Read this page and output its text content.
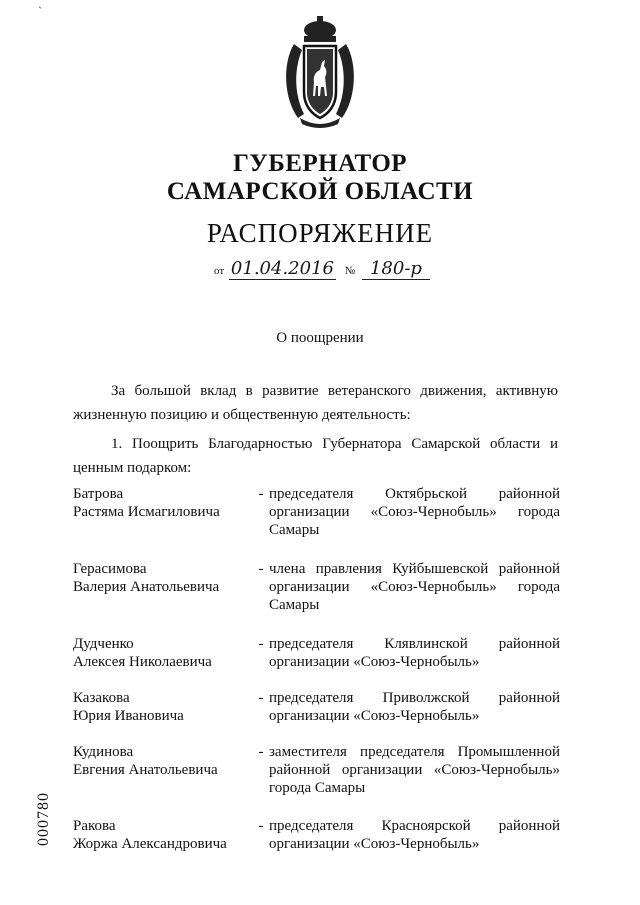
ˋ
ГУБЕРНАТОР
САМАРСКОЙ ОБЛАСТИ
РАСПОРЯЖЕНИЕ
от 01.04.2016 № 180-р
О поощрении
За большой вклад в развитие ветеранского движения, активную жизненную позицию и общественную деятельность:
1. Поощрить Благодарностью Губернатора Самарской области и ценным подарком:
Батрова
Растяма Исмагиловича
- председателя Октябрьской районной организации «Союз-Чернобыль» города Самары
Герасимова
Валерия Анатольевича
- члена правления Куйбышевской районной организации «Союз-Чернобыль» города Самары
Дудченко
Алексея Николаевича
- председателя Клявлинской районной организации «Союз-Чернобыль»
Казакова
Юрия Ивановича
- председателя Приволжской районной организации «Союз-Чернобыль»
Кудинова
Евгения Анатольевича
- заместителя председателя Промышленной районной организации «Союз-Чернобыль» города Самары
Ракова
Жоржа Александровича
- председателя Красноярской районной организации «Союз-Чернобыль»
000780
